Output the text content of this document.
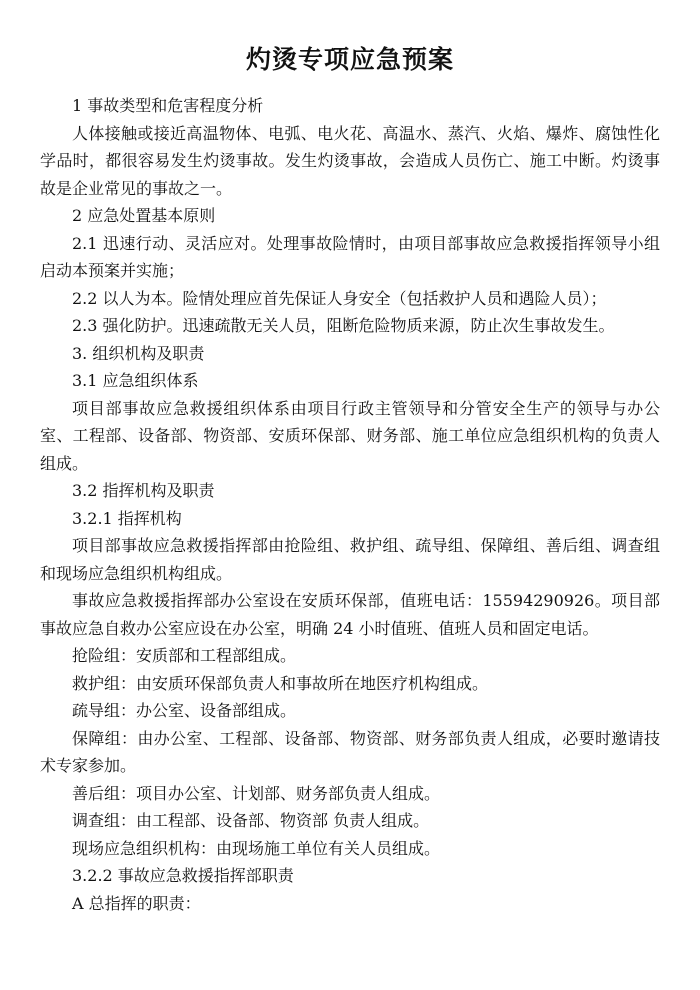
灼烫专项应急预案

1 事故类型和危害程度分析

人体接触或接近高温物体、电弧、电火花、高温水、蒸汽、火焰、爆炸、腐蚀性化学品时，都很容易发生灼烫事故。发生灼烫事故，会造成人员伤亡、施工中断。灼烫事故是企业常见的事故之一。

2 应急处置基本原则

2.1 迅速行动、灵活应对。处理事故险情时，由项目部事故应急救援指挥领导小组启动本预案并实施；

2.2 以人为本。险情处理应首先保证人身安全（包括救护人员和遇险人员）；

2.3 强化防护。迅速疏散无关人员，阻断危险物质来源，防止次生事故发生。

3. 组织机构及职责

3.1 应急组织体系

项目部事故应急救援组织体系由项目行政主管领导和分管安全生产的领导与办公室、工程部、设备部、物资部、安质环保部、财务部、施工单位应急组织机构的负责人组成。

3.2 指挥机构及职责

3.2.1 指挥机构

项目部事故应急救援指挥部由抢险组、救护组、疏导组、保障组、善后组、调查组和现场应急组织机构组成。

事故应急救援指挥部办公室设在安质环保部，值班电话：15594290926。项目部事故应急自救办公室应设在办公室，明确 24 小时值班、值班人员和固定电话。

抢险组：安质部和工程部组成。

救护组：由安质环保部负责人和事故所在地医疗机构组成。

疏导组：办公室、设备部组成。

保障组：由办公室、工程部、设备部、物资部、财务部负责人组成，必要时邀请技术专家参加。

善后组：项目办公室、计划部、财务部负责人组成。

调查组：由工程部、设备部、物资部 负责人组成。

现场应急组织机构：由现场施工单位有关人员组成。

3.2.2 事故应急救援指挥部职责

A 总指挥的职责：
